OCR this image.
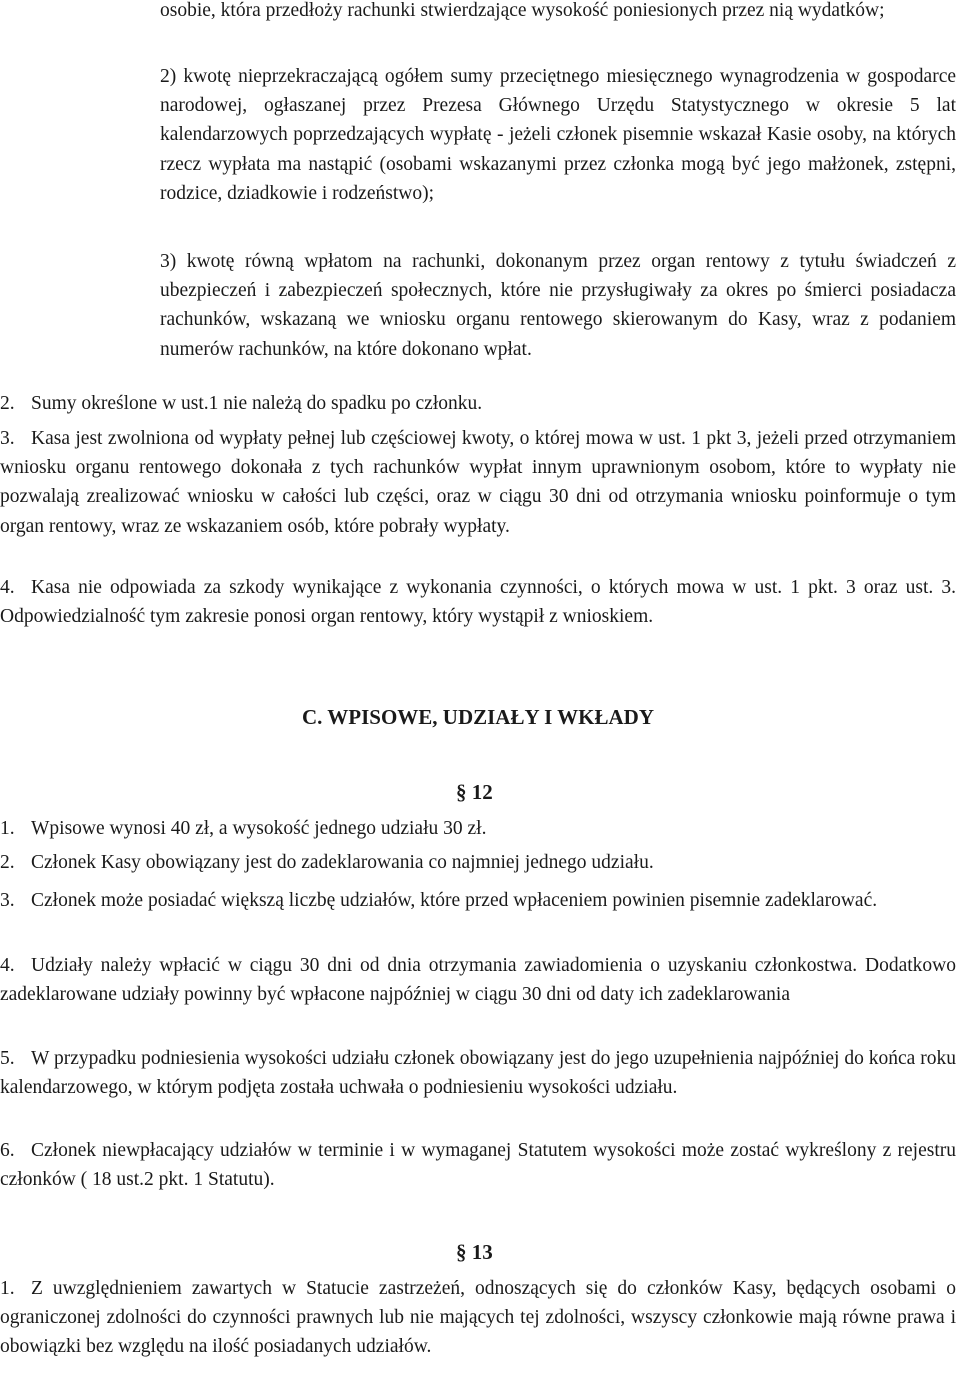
osobie, która przedłoży rachunki stwierdzające wysokość poniesionych przez nią wydatków;

2) kwotę nieprzekraczającą ogółem sumy przeciętnego miesięcznego wynagrodzenia w gospodarce narodowej, ogłaszanej przez Prezesa Głównego Urzędu Statystycznego w okresie 5 lat kalendarzowych poprzedzających wypłatę - jeżeli członek pisemnie wskazał Kasie osoby, na których rzecz wypłata ma nastąpić (osobami wskazanymi przez członka mogą być jego małżonek, zstępni, rodzice, dziadkowie i rodzeństwo);

3) kwotę równą wpłatom na rachunki, dokonanym przez organ rentowy z tytułu świadczeń z ubezpieczeń i zabezpieczeń społecznych, które nie przysługiwały za okres po śmierci posiadacza rachunków, wskazaną we wniosku organu rentowego skierowanym do Kasy, wraz z podaniem numerów rachunków, na które dokonano wpłat.

2. Sumy określone w ust.1 nie należą do spadku po członku.

3. Kasa jest zwolniona od wypłaty pełnej lub częściowej kwoty, o której mowa w ust. 1 pkt 3, jeżeli przed otrzymaniem wniosku organu rentowego dokonała z tych rachunków wypłat innym uprawnionym osobom, które to wypłaty nie pozwalają zrealizować wniosku w całości lub części, oraz w ciągu 30 dni od otrzymania wniosku poinformuje o tym organ rentowy, wraz ze wskazaniem osób, które pobrały wypłaty.

4. Kasa nie odpowiada za szkody wynikające z wykonania czynności, o których mowa w ust. 1 pkt. 3 oraz ust. 3. Odpowiedzialność tym zakresie ponosi organ rentowy, który wystąpił z wnioskiem.

C. WPISOWE, UDZIAŁY I WKŁADY
§ 12
1. Wpisowe wynosi 40 zł, a wysokość jednego udziału 30 zł.

2. Członek Kasy obowiązany jest do zadeklarowania co najmniej jednego udziału.

3. Członek może posiadać większą liczbę udziałów, które przed wpłaceniem powinien pisemnie zadeklarować.

4. Udziały należy wpłacić w ciągu 30 dni od dnia otrzymania zawiadomienia o uzyskaniu członkostwa. Dodatkowo zadeklarowane udziały powinny być wpłacone najpóźniej w ciągu 30 dni od daty ich zadeklarowania

5. W przypadku podniesienia wysokości udziału członek obowiązany jest do jego uzupełnienia najpóźniej do końca roku kalendarzowego, w którym podjęta została uchwała o podniesieniu wysokości udziału.

6. Członek niewpłacający udziałów w terminie i w wymaganej Statutem wysokości może zostać wykreślony z rejestru członków ( 18 ust.2 pkt. 1 Statutu).

§ 13

1. Z uwzględnieniem zawartych w Statucie zastrzeżeń, odnoszących się do członków Kasy, będących osobami o ograniczonej zdolności do czynności prawnych lub nie mających tej zdolności, wszyscy członkowie mają równe prawa i obowiązki bez względu na ilość posiadanych udziałów.
